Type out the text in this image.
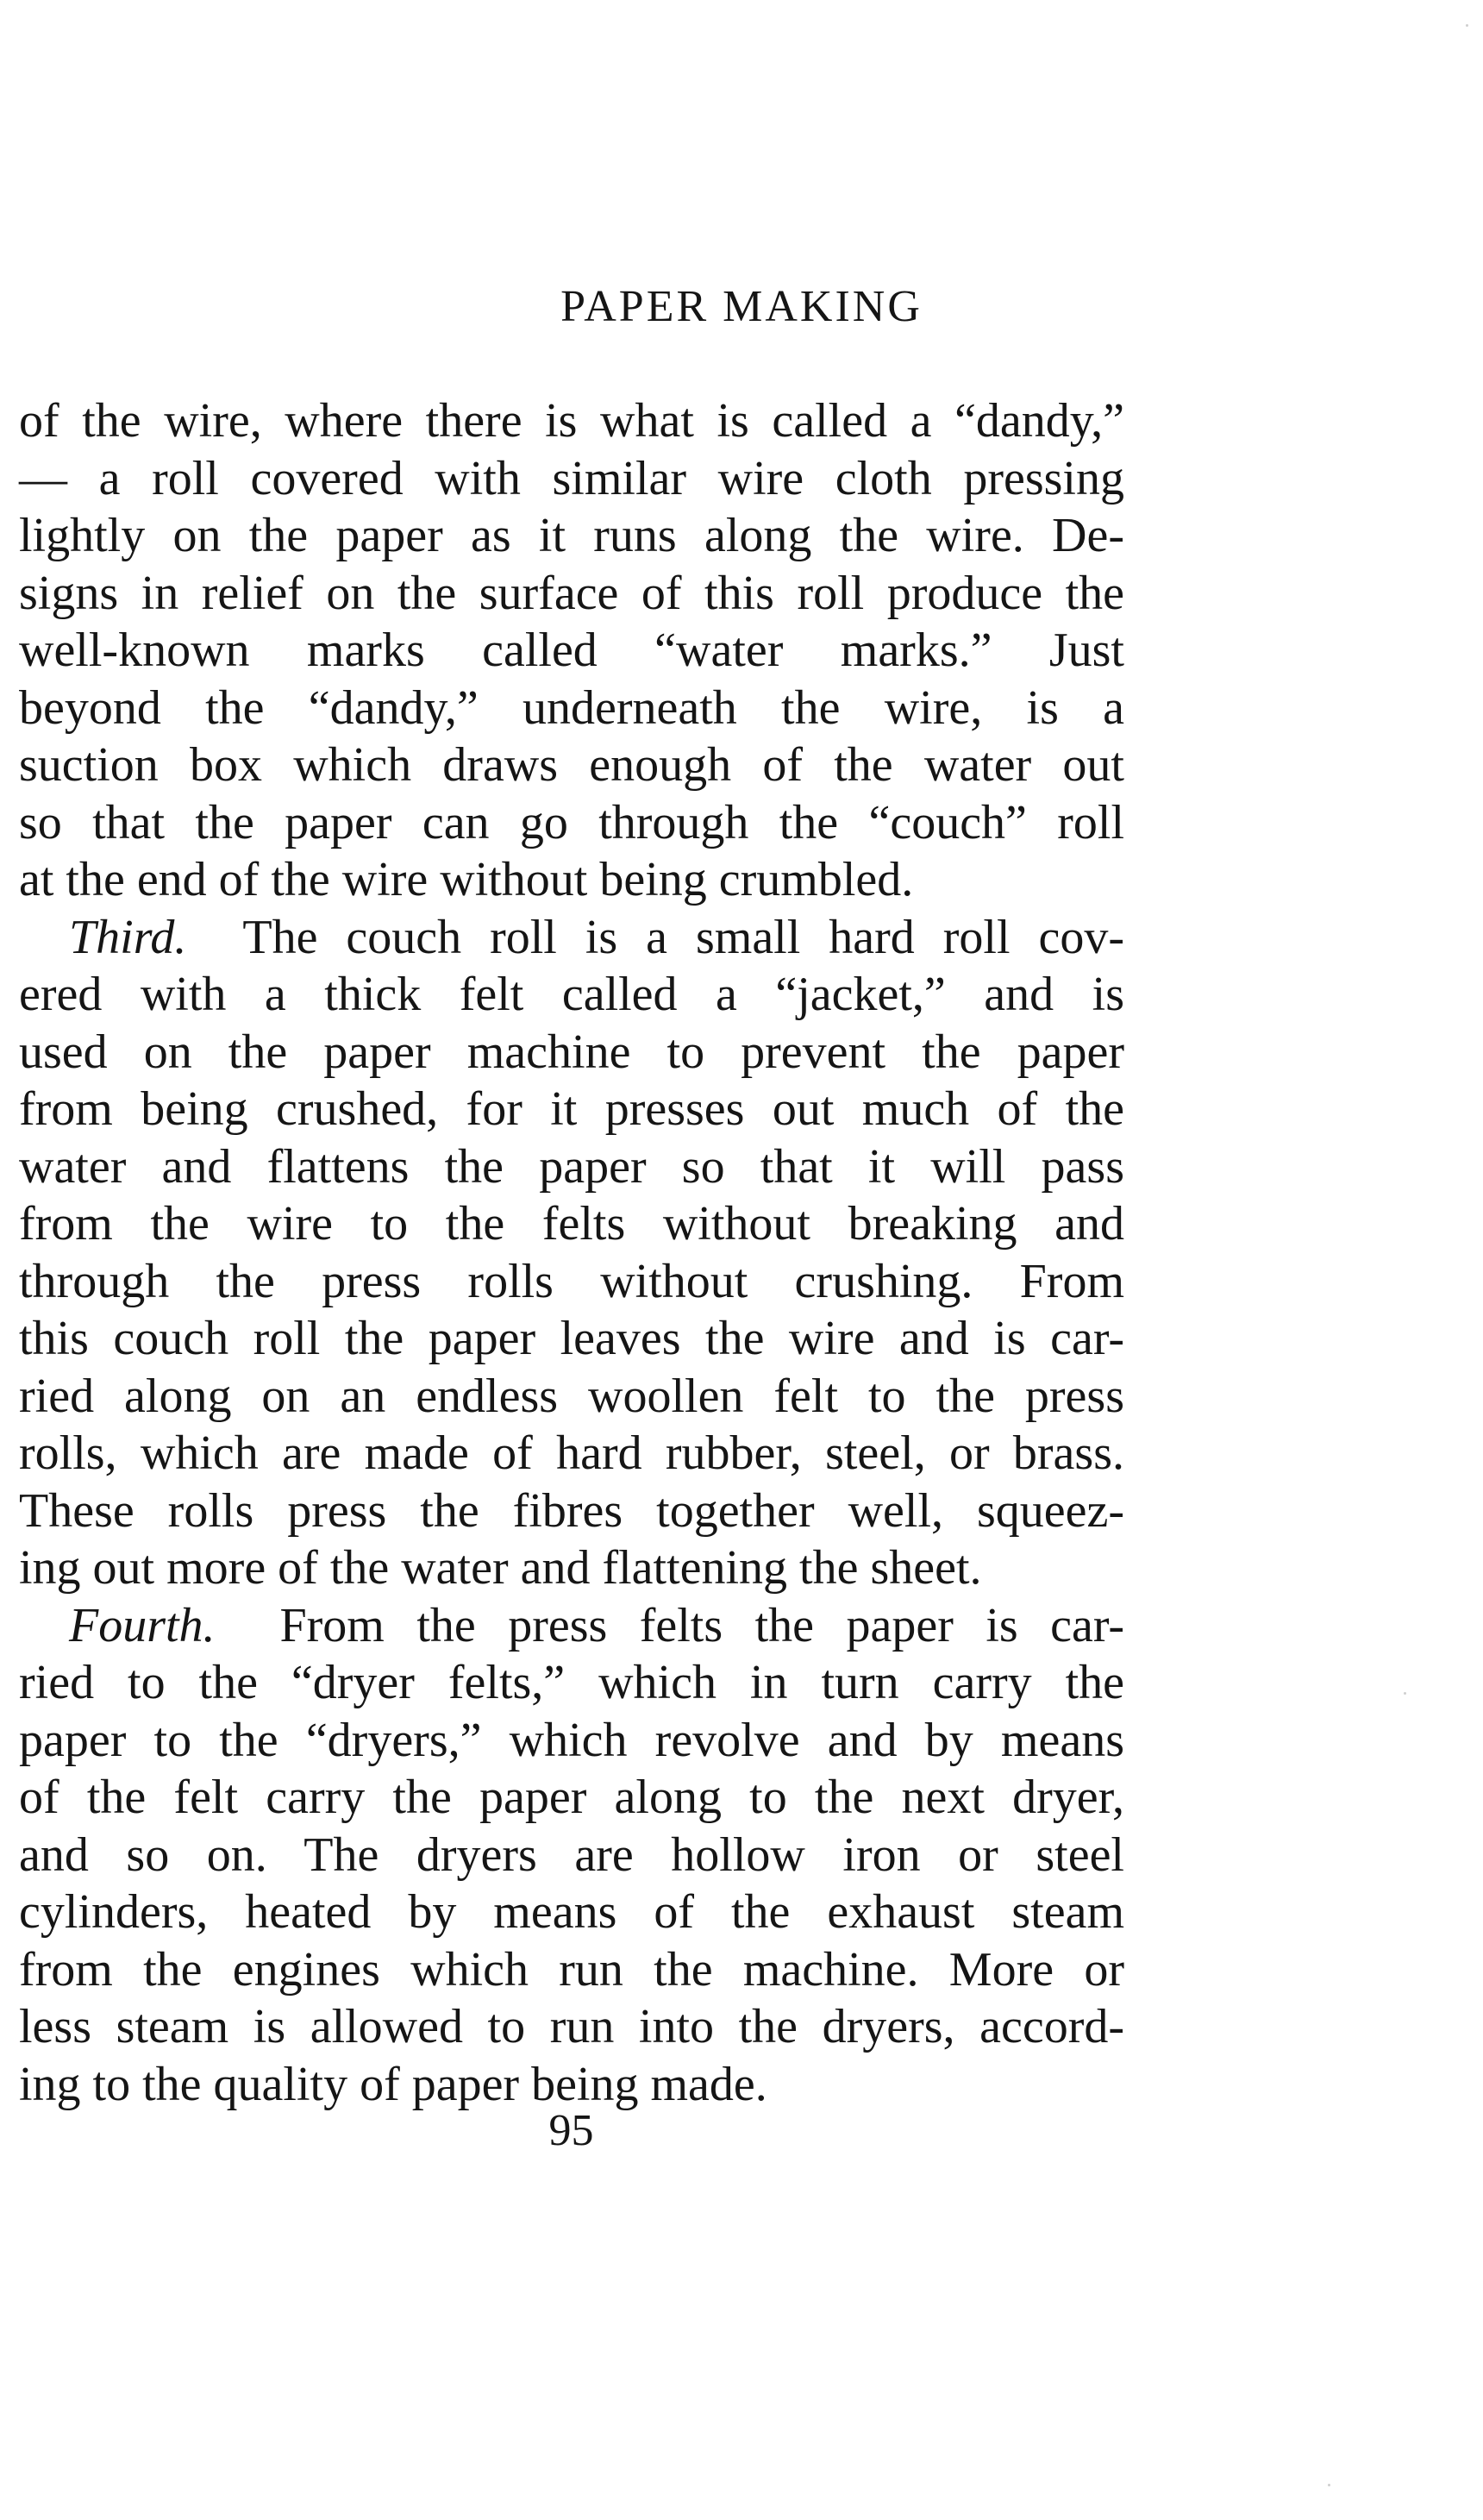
PAPER MAKING
of the wire, where there is what is called a “dandy,”
— a roll covered with similar wire cloth pressing
lightly on the paper as it runs along the wire. De-
signs in relief on the surface of this roll produce the
well-known marks called “water marks.” Just
beyond the “dandy,” underneath the wire, is a
suction box which draws enough of the water out
so that the paper can go through the “couch” roll
at the end of the wire without being crumbled.
Third. The couch roll is a small hard roll cov-
ered with a thick felt called a “jacket,” and is
used on the paper machine to prevent the paper
from being crushed, for it presses out much of the
water and flattens the paper so that it will pass
from the wire to the felts without breaking and
through the press rolls without crushing. From
this couch roll the paper leaves the wire and is car-
ried along on an endless woollen felt to the press
rolls, which are made of hard rubber, steel, or brass.
These rolls press the fibres together well, squeez-
ing out more of the water and flattening the sheet.
Fourth. From the press felts the paper is car-
ried to the “dryer felts,” which in turn carry the
paper to the “dryers,” which revolve and by means
of the felt carry the paper along to the next dryer,
and so on. The dryers are hollow iron or steel
cylinders, heated by means of the exhaust steam
from the engines which run the machine. More or
less steam is allowed to run into the dryers, accord-
ing to the quality of paper being made.
95
